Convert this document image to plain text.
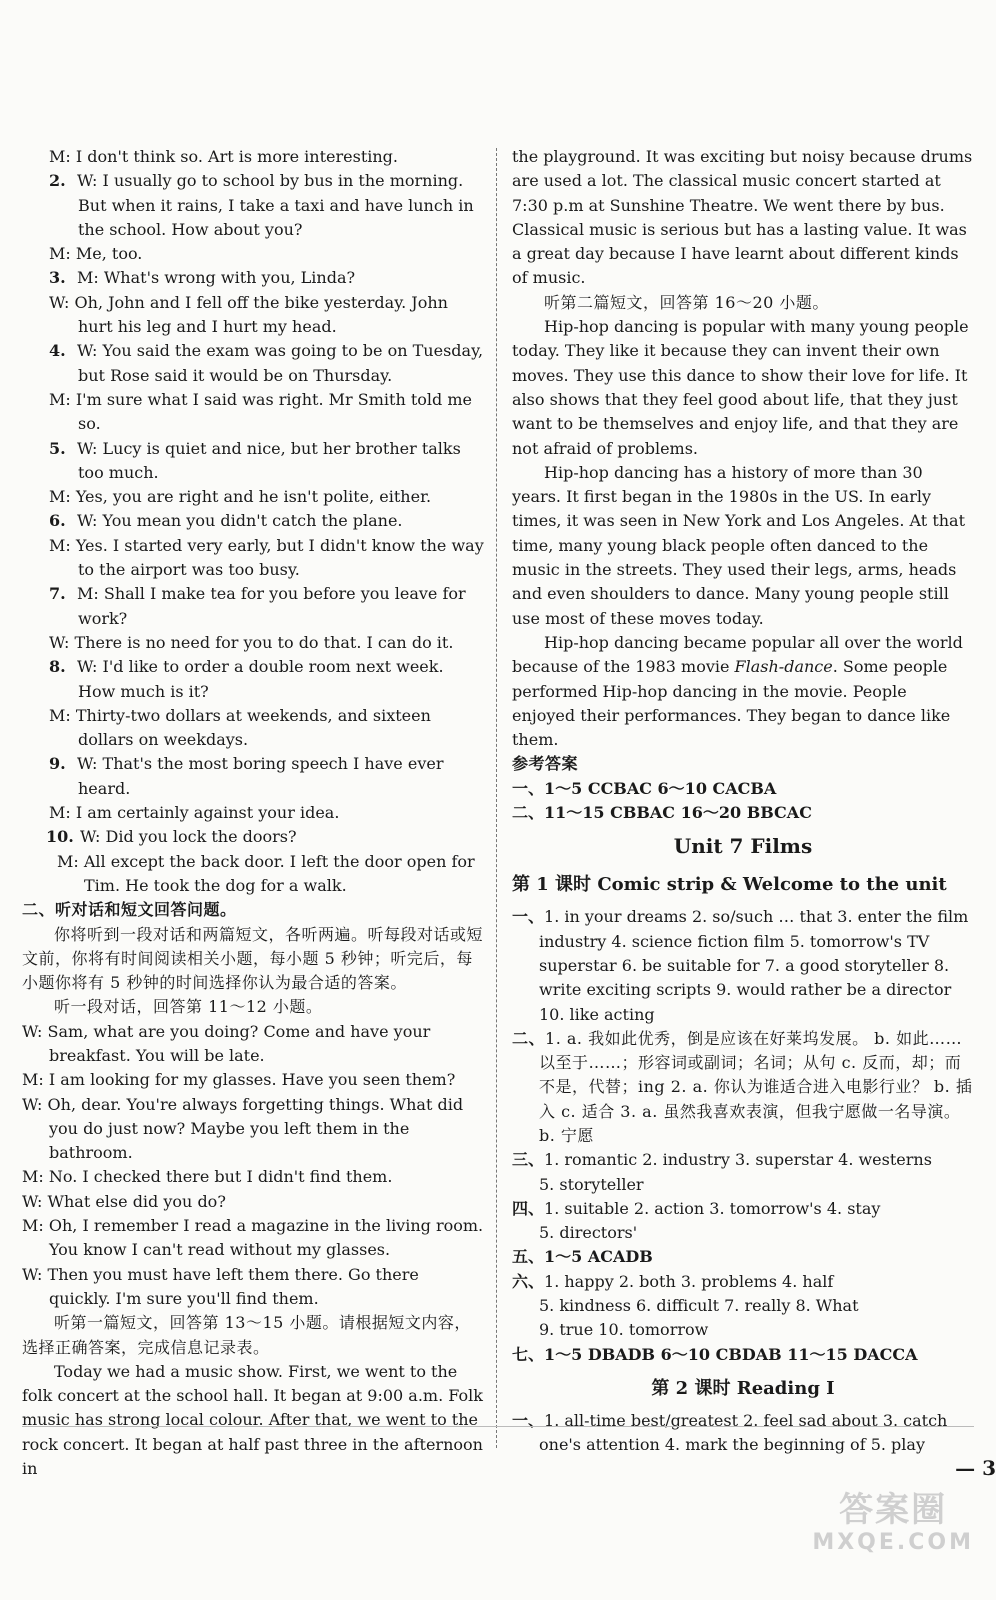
M: I don't think so. Art is more interesting.
2. W: I usually go to school by bus in the morning. But when it rains, I take a taxi and have lunch in the school. How about you?
M: Me, too.
3. M: What's wrong with you, Linda?
W: Oh, John and I fell off the bike yesterday. John hurt his leg and I hurt my head.
4. W: You said the exam was going to be on Tuesday, but Rose said it would be on Thursday.
M: I'm sure what I said was right. Mr Smith told me so.
5. W: Lucy is quiet and nice, but her brother talks too much.
M: Yes, you are right and he isn't polite, either.
6. W: You mean you didn't catch the plane.
M: Yes. I started very early, but I didn't know the way to the airport was too busy.
7. M: Shall I make tea for you before you leave for work?
W: There is no need for you to do that. I can do it.
8. W: I'd like to order a double room next week. How much is it?
M: Thirty-two dollars at weekends, and sixteen dollars on weekdays.
9. W: That's the most boring speech I have ever heard.
M: I am certainly against your idea.
10. W: Did you lock the doors?
M: All except the back door. I left the door open for Tim. He took the dog for a walk.
二、听对话和短文回答问题。

你将听到一段对话和两篇短文，各听两遍。听每段对话或短文前，你将有时间阅读相关小题，每小题 5 秒钟；听完后，每小题你将有 5 秒钟的时间选择你认为最合适的答案。

听一段对话，回答第 11～12 小题。

W: Sam, what are you doing? Come and have your breakfast. You will be late.
M: I am looking for my glasses. Have you seen them?
W: Oh, dear. You're always forgetting things. What did you do just now? Maybe you left them in the bathroom.
M: No. I checked there but I didn't find them.
W: What else did you do?
M: Oh, I remember I read a magazine in the living room. You know I can't read without my glasses.
W: Then you must have left them there. Go there quickly. I'm sure you'll find them.

听第一篇短文，回答第 13～15 小题。请根据短文内容，选择正确答案，完成信息记录表。

Today we had a music show. First, we went to the folk concert at the school hall. It began at 9:00 a.m. Folk music has strong local colour. After that, we went to the rock concert. It began at half past three in the afternoon in

the playground. It was exciting but noisy because drums are used a lot. The classical music concert started at 7:30 p.m at Sunshine Theatre. We went there by bus. Classical music is serious but has a lasting value. It was a great day because I have learnt about different kinds of music.

听第二篇短文，回答第 16～20 小题。

Hip-hop dancing is popular with many young people today. They like it because they can invent their own moves. They use this dance to show their love for life. It also shows that they feel good about life, that they just want to be themselves and enjoy life, and that they are not afraid of problems.

Hip-hop dancing has a history of more than 30 years. It first began in the 1980s in the US. In early times, it was seen in New York and Los Angeles. At that time, many young black people often danced to the music in the streets. They used their legs, arms, heads and even shoulders to dance. Many young people still use most of these moves today.

Hip-hop dancing became popular all over the world because of the 1983 movie Flash-dance. Some people performed Hip-hop dancing in the movie. People enjoyed their performances. They began to dance like them.

参考答案
一、1～5 CCBAC 6～10 CACBA
二、11～15 CBBAC 16～20 BBCAC
Unit 7 Films
第 1 课时 Comic strip & Welcome to the unit

一、1. in your dreams 2. so/such … that 3. enter the film industry 4. science fiction film 5. tomorrow's TV superstar 6. be suitable for 7. a good storyteller 8. write exciting scripts 9. would rather be a director 10. like acting

二、1. a. 我如此优秀，倒是应该在好莱坞发展。 b. 如此……以至于……；形容词或副词；名词；从句 c. 反而，却；而不是，代替；ing 2. a. 你认为谁适合进入电影行业？ b. 插入 c. 适合 3. a. 虽然我喜欢表演，但我宁愿做一名导演。 b. 宁愿

三、1. romantic 2. industry 3. superstar 4. westerns
5. storyteller
四、1. suitable 2. action 3. tomorrow's 4. stay
5. directors'
五、1～5 ACADB
六、1. happy 2. both 3. problems 4. half
5. kindness 6. difficult 7. really 8. What
9. true 10. tomorrow
七、1～5 DBADB 6～10 CBDAB 11～15 DACCA
第 2 课时 Reading Ⅰ

一、1. all-time best/greatest 2. feel sad about 3. catch one's attention 4. mark the beginning of 5. play

— 3
答案圈
MXQE.COM
